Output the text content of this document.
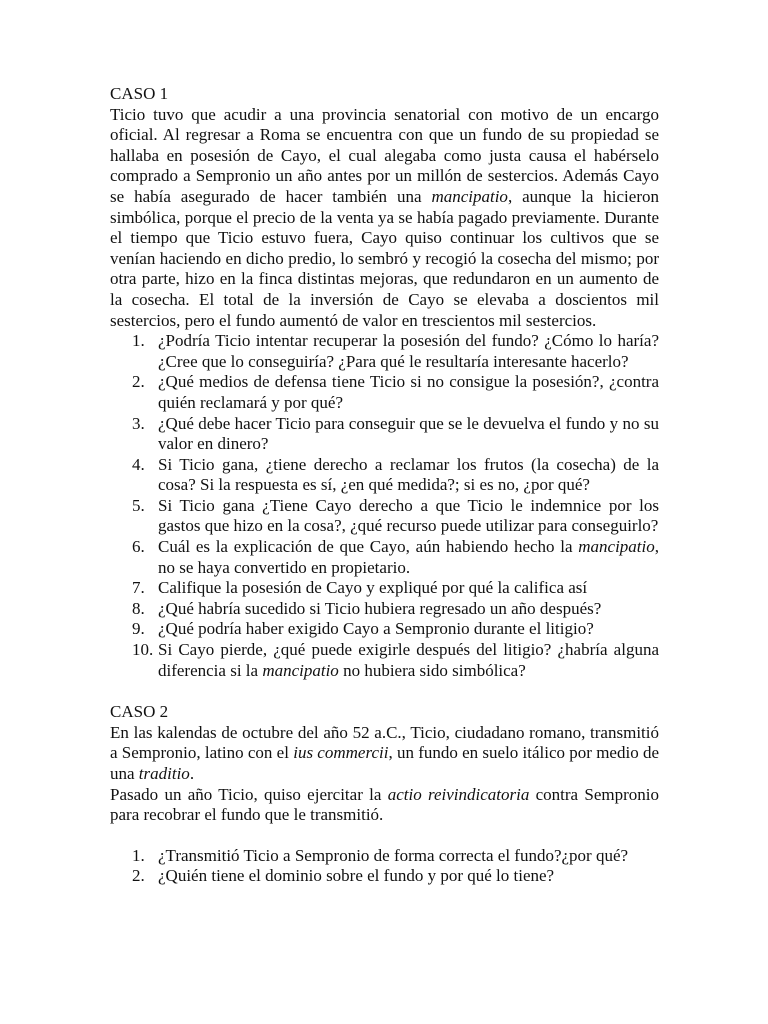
CASO 1

Ticio tuvo que acudir a una provincia senatorial con motivo de un encargo oficial. Al regresar a Roma se encuentra con que un fundo de su propiedad se hallaba en posesión de Cayo, el cual alegaba como justa causa el habérselo comprado a Sempronio un año antes por un millón de sestercios. Además Cayo se había asegurado de hacer también una mancipatio, aunque la hicieron simbólica, porque el precio de la venta ya se había pagado previamente. Durante el tiempo que Ticio estuvo fuera, Cayo quiso continuar los cultivos que se venían haciendo en dicho predio, lo sembró y recogió la cosecha del mismo; por otra parte, hizo en la finca distintas mejoras, que redundaron en un aumento de la cosecha. El total de la inversión de Cayo se elevaba a doscientos mil sestercios, pero el fundo aumentó de valor en trescientos mil sestercios.

1. ¿Podría Ticio intentar recuperar la posesión del fundo? ¿Cómo lo haría? ¿Cree que lo conseguiría? ¿Para qué le resultaría interesante hacerlo?
2. ¿Qué medios de defensa tiene Ticio si no consigue la posesión?, ¿contra quién reclamará y por qué?
3. ¿Qué debe hacer Ticio para conseguir que se le devuelva el fundo y no su valor en dinero?
4. Si Ticio gana, ¿tiene derecho a reclamar los frutos (la cosecha) de la cosa? Si la respuesta es sí, ¿en qué medida?; si es no, ¿por qué?
5. Si Ticio gana ¿Tiene Cayo derecho a que Ticio le indemnice por los gastos que hizo en la cosa?, ¿qué recurso puede utilizar para conseguirlo?
6. Cuál es la explicación de que Cayo, aún habiendo hecho la mancipatio, no se haya convertido en propietario.
7. Califique la posesión de Cayo y expliqué por qué la califica así
8. ¿Qué habría sucedido si Ticio hubiera regresado un año después?
9. ¿Qué podría haber exigido Cayo a Sempronio durante el litigio?
10. Si Cayo pierde, ¿qué puede exigirle después del litigio? ¿habría alguna diferencia si la mancipatio no hubiera sido simbólica?
CASO 2

En las kalendas de octubre del año 52 a.C., Ticio, ciudadano romano, transmitió a Sempronio, latino con el ius commercii, un fundo en suelo itálico por medio de una traditio.

Pasado un año Ticio, quiso ejercitar la actio reivindicatoria contra Sempronio para recobrar el fundo que le transmitió.

1. ¿Transmitió Ticio a Sempronio de forma correcta el fundo?¿por qué?
2. ¿Quién tiene el dominio sobre el fundo y por qué lo tiene?
